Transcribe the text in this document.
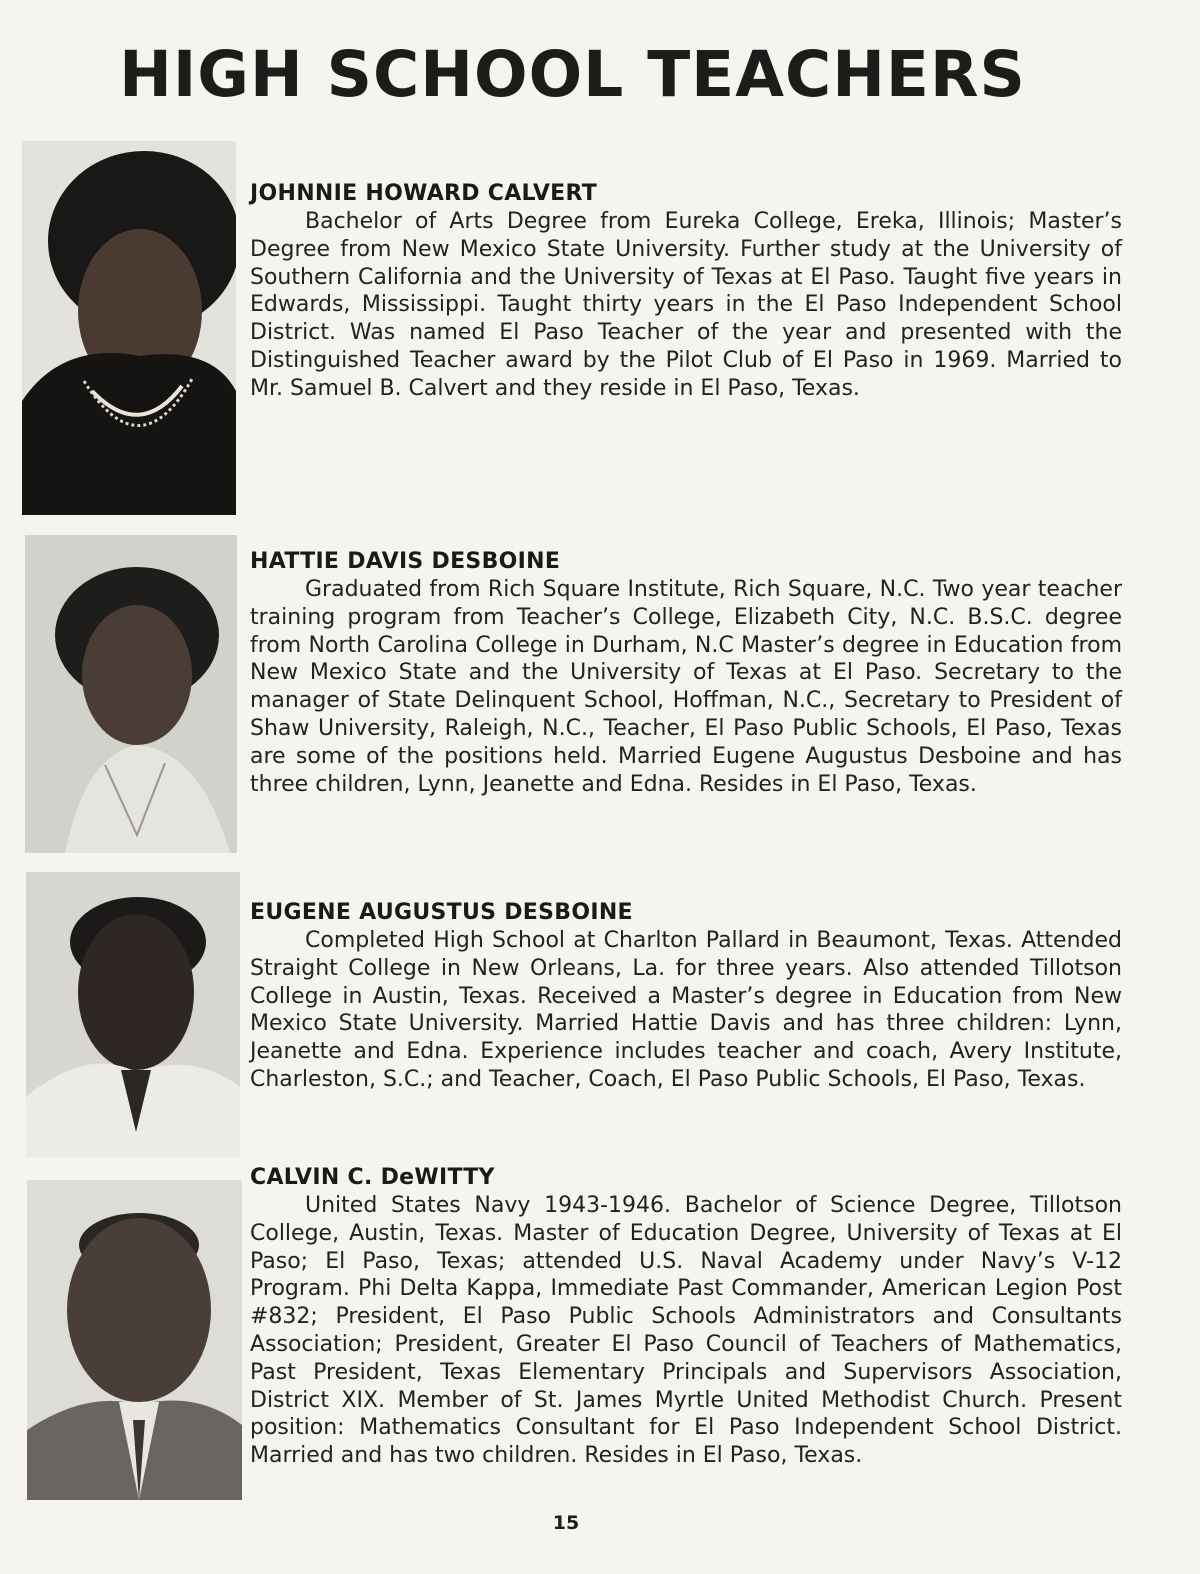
HIGH SCHOOL TEACHERS

JOHNNIE HOWARD CALVERT

Bachelor of Arts Degree from Eureka College, Ereka, Illinois; Master’s Degree from New Mexico State University. Further study at the University of Southern California and the University of Texas at El Paso. Taught five years in Edwards, Mississippi. Taught thirty years in the El Paso Independent School District. Was named El Paso Teacher of the year and presented with the Distinguished Teacher award by the Pilot Club of El Paso in 1969. Married to Mr. Samuel B. Calvert and they reside in El Paso, Texas.

HATTIE DAVIS DESBOINE

Graduated from Rich Square Institute, Rich Square, N.C. Two year teacher training program from Teacher’s College, Elizabeth City, N.C. B.S.C. degree from North Carolina College in Durham, N.C Master’s degree in Education from New Mexico State and the University of Texas at El Paso. Secretary to the manager of State Delinquent School, Hoffman, N.C., Secretary to President of Shaw University, Raleigh, N.C., Teacher, El Paso Public Schools, El Paso, Texas are some of the positions held. Married Eugene Augustus Desboine and has three children, Lynn, Jeanette and Edna. Resides in El Paso, Texas.

EUGENE AUGUSTUS DESBOINE

Completed High School at Charlton Pallard in Beaumont, Texas. Attended Straight College in New Orleans, La. for three years. Also attended Tillotson College in Austin, Texas. Received a Master’s degree in Education from New Mexico State University. Married Hattie Davis and has three children: Lynn, Jeanette and Edna. Experience includes teacher and coach, Avery Institute, Charleston, S.C.; and Teacher, Coach, El Paso Public Schools, El Paso, Texas.

CALVIN C. DeWITTY

United States Navy 1943-1946. Bachelor of Science Degree, Tillotson College, Austin, Texas. Master of Education Degree, University of Texas at El Paso; El Paso, Texas; attended U.S. Naval Academy under Navy’s V-12 Program. Phi Delta Kappa, Immediate Past Commander, American Legion Post #832; President, El Paso Public Schools Administrators and Consultants Association; President, Greater El Paso Council of Teachers of Mathematics, Past President, Texas Elementary Principals and Supervisors Association, District XIX. Member of St. James Myrtle United Methodist Church. Present position: Mathematics Consultant for El Paso Independent School District. Married and has two children. Resides in El Paso, Texas.

15
